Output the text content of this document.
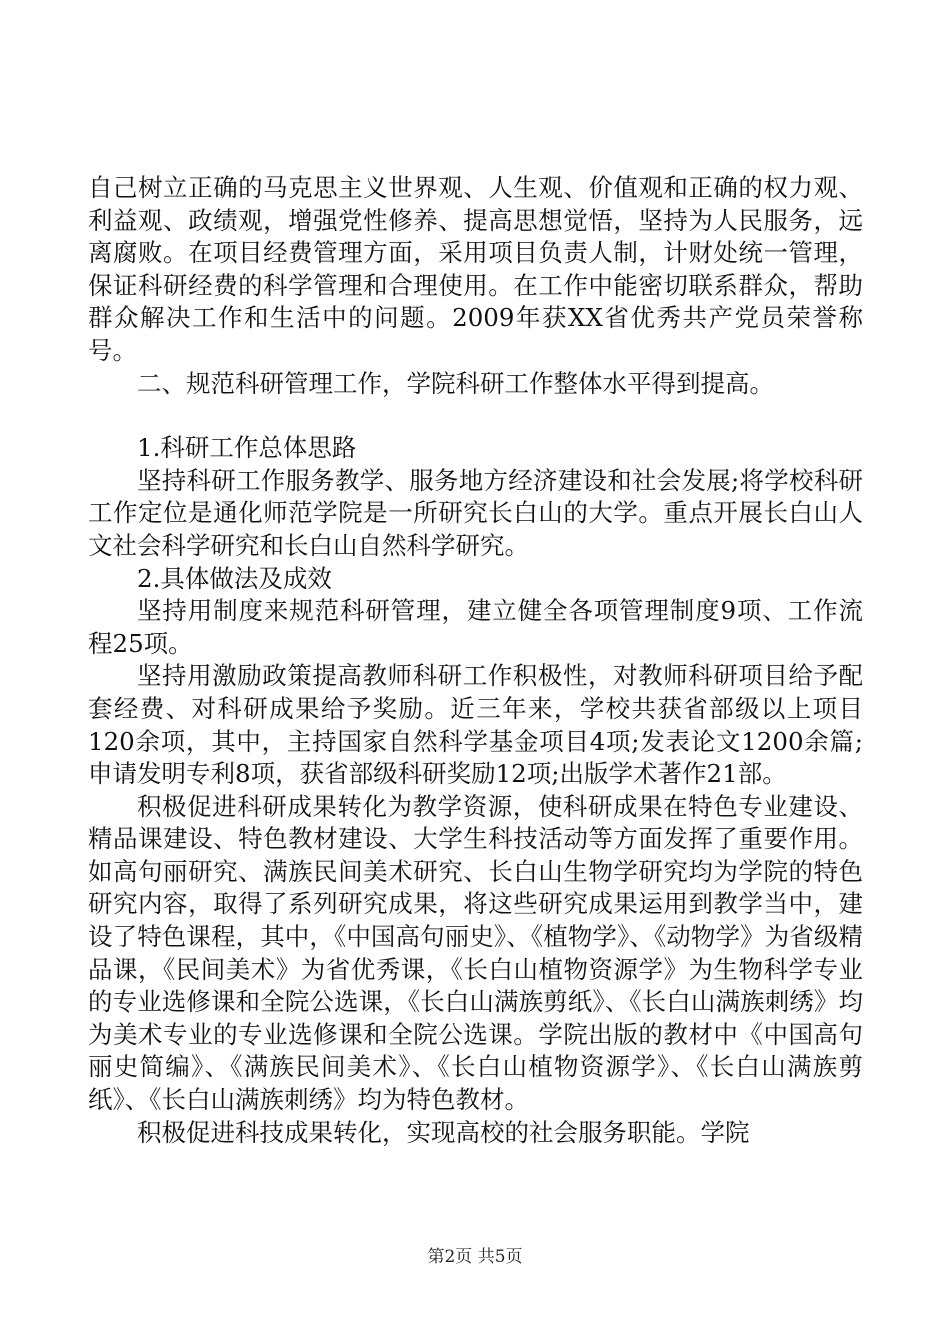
自己树立正确的马克思主义世界观、人生观、价值观和正确的权力观、利益观、政绩观，增强党性修养、提高思想觉悟，坚持为人民服务，远离腐败。在项目经费管理方面，采用项目负责人制，计财处统一管理，保证科研经费的科学管理和合理使用。在工作中能密切联系群众，帮助群众解决工作和生活中的问题。2009年获XX省优秀共产党员荣誉称号。

二、规范科研管理工作，学院科研工作整体水平得到提高。

1.科研工作总体思路

坚持科研工作服务教学、服务地方经济建设和社会发展;将学校科研工作定位是通化师范学院是一所研究长白山的大学。重点开展长白山人文社会科学研究和长白山自然科学研究。

2.具体做法及成效

坚持用制度来规范科研管理，建立健全各项管理制度9项、工作流程25项。

坚持用激励政策提高教师科研工作积极性，对教师科研项目给予配套经费、对科研成果给予奖励。近三年来，学校共获省部级以上项目120余项，其中，主持国家自然科学基金项目4项;发表论文1200余篇;申请发明专利8项，获省部级科研奖励12项;出版学术著作21部。

积极促进科研成果转化为教学资源，使科研成果在特色专业建设、精品课建设、特色教材建设、大学生科技活动等方面发挥了重要作用。如高句丽研究、满族民间美术研究、长白山生物学研究均为学院的特色研究内容，取得了系列研究成果，将这些研究成果运用到教学当中，建设了特色课程，其中，《中国高句丽史》、《植物学》、《动物学》为省级精品课，《民间美术》为省优秀课，《长白山植物资源学》为生物科学专业的专业选修课和全院公选课，《长白山满族剪纸》、《长白山满族刺绣》均为美术专业的专业选修课和全院公选课。学院出版的教材中《中国高句丽史简编》、《满族民间美术》、《长白山植物资源学》、《长白山满族剪纸》、《长白山满族刺绣》均为特色教材。

积极促进科技成果转化，实现高校的社会服务职能。学院

第2页 共5页
